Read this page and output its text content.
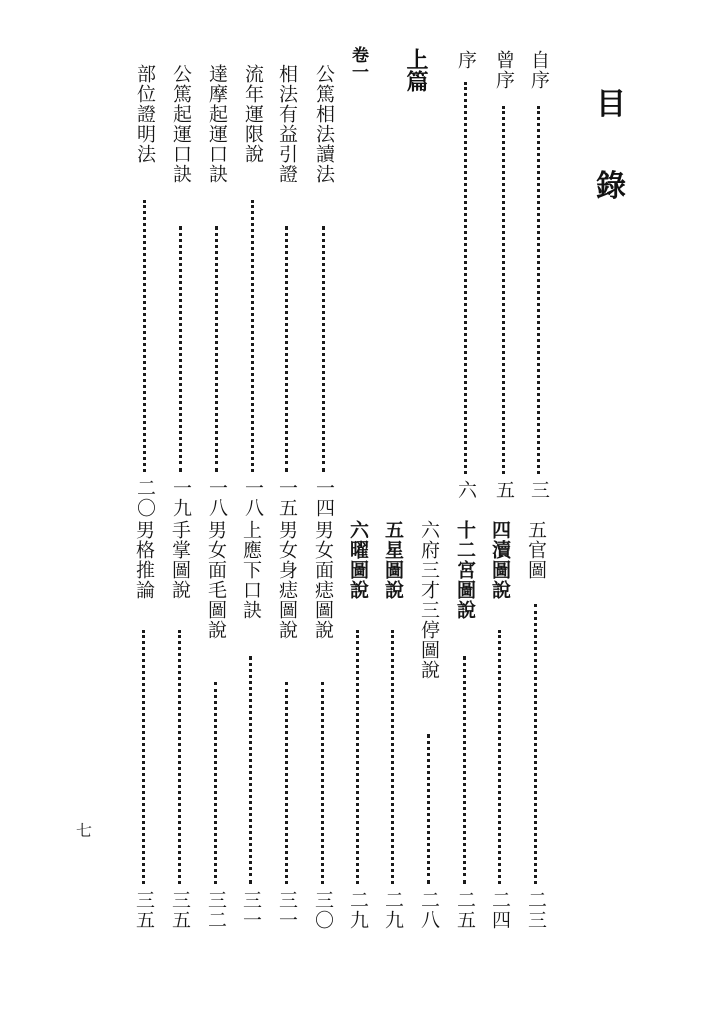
目
錄
自序
三
曾序
五
序
六
上篇
卷一
公篤相法讀法
一四
相法有益引證
一五
流年運限說
一八
達摩起運口訣
一八
公篤起運口訣
一九
部位證明法
二〇
五官圖
二三
四瀆圖說
二四
十二宮圖說
二五
六府三才三停圖說
二八
五星圖說
二九
六曜圖說
二九
男女面痣圖說
三〇
男女身痣圖說
三一
上應下口訣
三一
男女面毛圖說
三二
手掌圖說
三五
男格推論
三五
七
